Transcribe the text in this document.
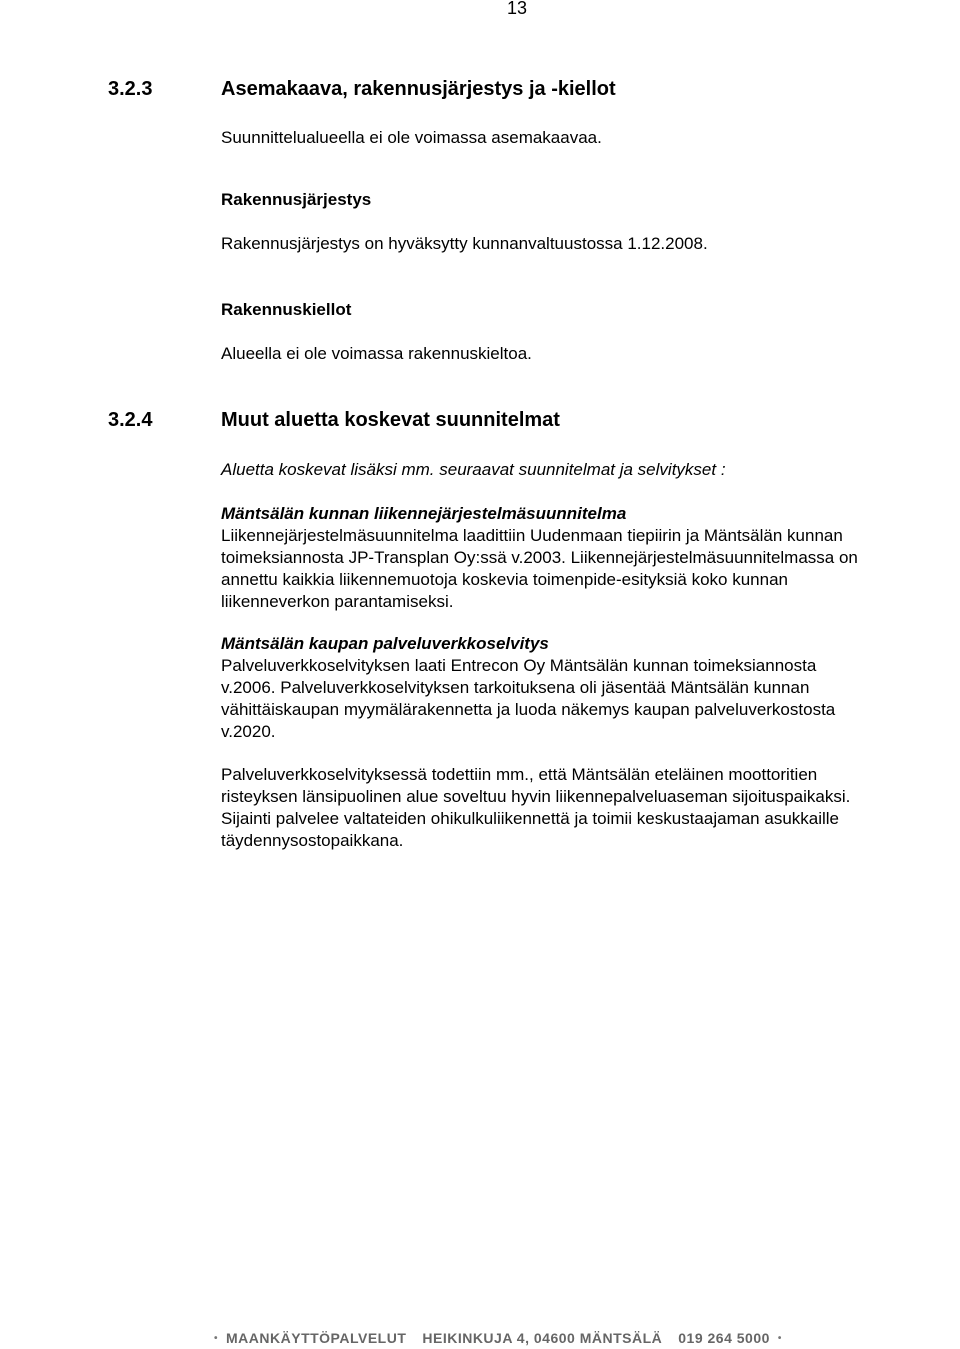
13
3.2.3	Asemakaava, rakennusjärjestys ja -kiellot
Suunnittelualueella ei ole voimassa asemakaavaa.
Rakennusjärjestys
Rakennusjärjestys on hyväksytty kunnanvaltuustossa 1.12.2008.
Rakennuskiellot
Alueella ei ole voimassa rakennuskieltoa.
3.2.4	Muut aluetta koskevat suunnitelmat
Aluetta koskevat lisäksi mm. seuraavat suunnitelmat ja selvitykset :
Mäntsälän kunnan liikennejärjestelmäsuunnitelma
Liikennejärjestelmäsuunnitelma laadittiin Uudenmaan tiepiirin ja Mäntsälän kunnan
toimeksiannosta JP-Transplan Oy:ssä v.2003. Liikennejärjestelmäsuunnitelmassa on
annettu kaikkia liikennemuotoja koskevia toimenpide-esityksiä koko kunnan
liikenneverkon parantamiseksi.
Mäntsälän kaupan palveluverkkoselvitys
Palveluverkkoselvityksen laati Entrecon Oy Mäntsälän kunnan toimeksiannosta
v.2006. Palveluverkkoselvityksen tarkoituksena oli jäsentää Mäntsälän kunnan
vähittäiskaupan myymälärakennetta ja luoda näkemys kaupan palveluverkostosta
v.2020.
Palveluverkkoselvityksessä todettiin mm., että Mäntsälän eteläinen moottoritien
risteyksen länsipuolinen alue soveltuu hyvin liikennepalveluaseman sijoituspaikaksi.
Sijainti palvelee valtateiden ohikulkuliikennettä ja toimii keskustaajaman asukkaille
täydennysostopaikkana.
• MAANKÄYTTÖPALVELUT HEIKINKUJA 4, 04600 MÄNTSÄLÄ 019 264 5000 •
